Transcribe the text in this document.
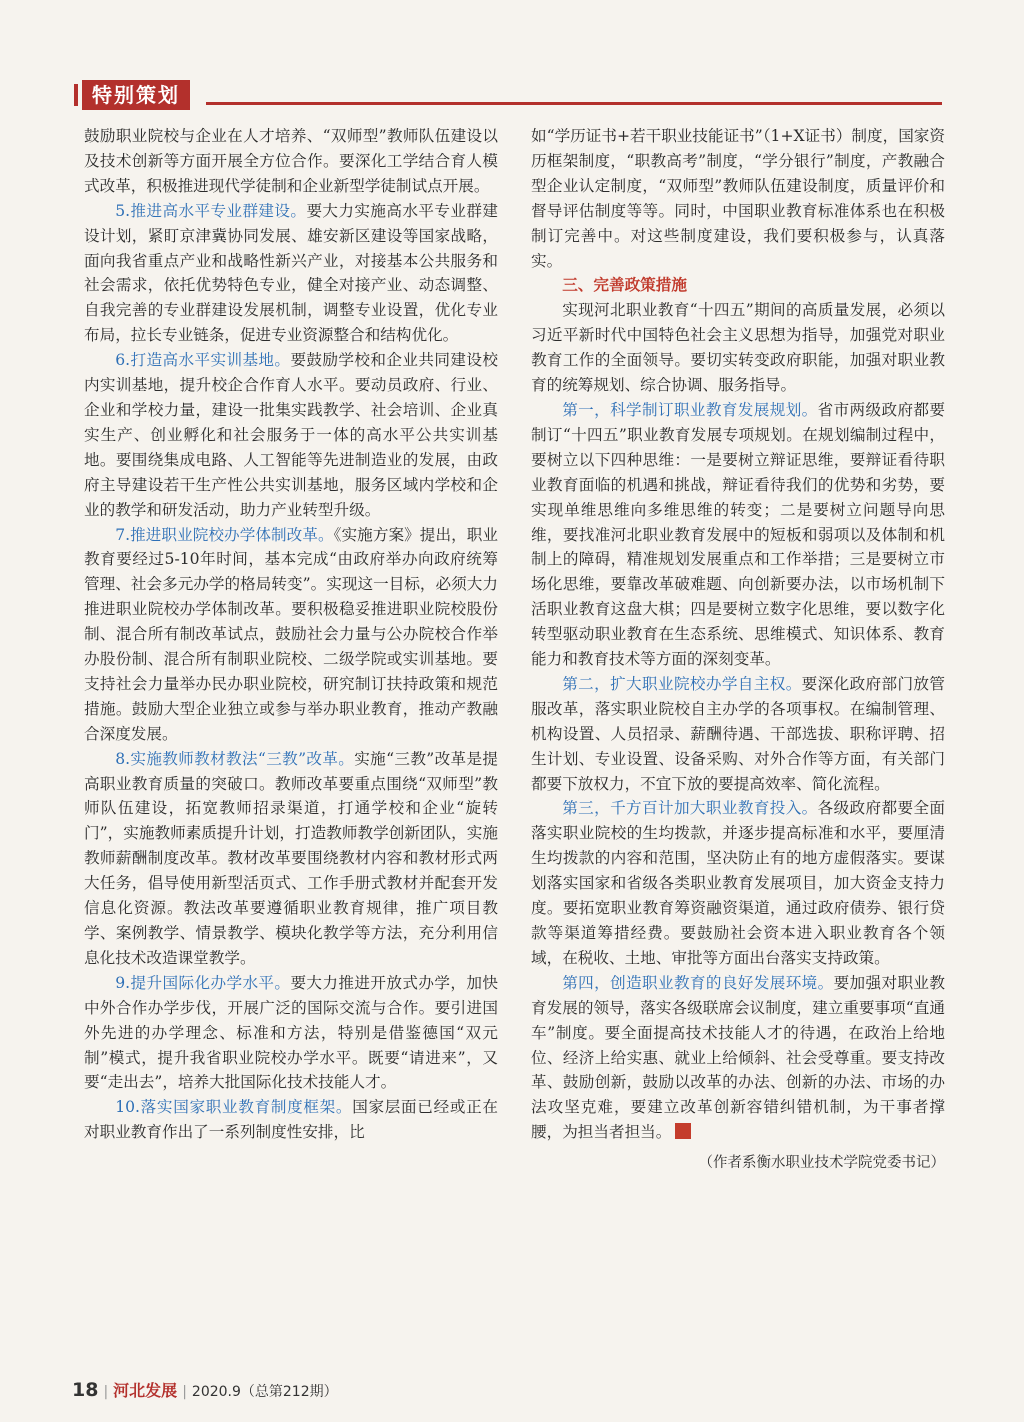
特别策划

鼓励职业院校与企业在人才培养、“双师型”教师队伍建设以及技术创新等方面开展全方位合作。要深化工学结合育人模式改革，积极推进现代学徒制和企业新型学徒制试点开展。

5.推进高水平专业群建设。要大力实施高水平专业群建设计划，紧盯京津冀协同发展、雄安新区建设等国家战略，面向我省重点产业和战略性新兴产业，对接基本公共服务和社会需求，依托优势特色专业，健全对接产业、动态调整、自我完善的专业群建设发展机制，调整专业设置，优化专业布局，拉长专业链条，促进专业资源整合和结构优化。

6.打造高水平实训基地。要鼓励学校和企业共同建设校内实训基地，提升校企合作育人水平。要动员政府、行业、企业和学校力量，建设一批集实践教学、社会培训、企业真实生产、创业孵化和社会服务于一体的高水平公共实训基地。要围绕集成电路、人工智能等先进制造业的发展，由政府主导建设若干生产性公共实训基地，服务区域内学校和企业的教学和研发活动，助力产业转型升级。

7.推进职业院校办学体制改革。《实施方案》提出，职业教育要经过5-10年时间，基本完成“由政府举办向政府统筹管理、社会多元办学的格局转变”。实现这一目标，必须大力推进职业院校办学体制改革。要积极稳妥推进职业院校股份制、混合所有制改革试点，鼓励社会力量与公办院校合作举办股份制、混合所有制职业院校、二级学院或实训基地。要支持社会力量举办民办职业院校，研究制订扶持政策和规范措施。鼓励大型企业独立或参与举办职业教育，推动产教融合深度发展。

8.实施教师教材教法“三教”改革。实施“三教”改革是提高职业教育质量的突破口。教师改革要重点围绕“双师型”教师队伍建设，拓宽教师招录渠道，打通学校和企业“旋转门”，实施教师素质提升计划，打造教师教学创新团队，实施教师薪酬制度改革。教材改革要围绕教材内容和教材形式两大任务，倡导使用新型活页式、工作手册式教材并配套开发信息化资源。教法改革要遵循职业教育规律，推广项目教学、案例教学、情景教学、模块化教学等方法，充分利用信息化技术改造课堂教学。

9.提升国际化办学水平。要大力推进开放式办学，加快中外合作办学步伐，开展广泛的国际交流与合作。要引进国外先进的办学理念、标准和方法，特别是借鉴德国“双元制”模式，提升我省职业院校办学水平。既要“请进来”，又要“走出去”，培养大批国际化技术技能人才。

10.落实国家职业教育制度框架。国家层面已经或正在对职业教育作出了一系列制度性安排，比

如“学历证书+若干职业技能证书”（1+X证书）制度，国家资历框架制度，“职教高考”制度，“学分银行”制度，产教融合型企业认定制度，“双师型”教师队伍建设制度，质量评价和督导评估制度等等。同时，中国职业教育标准体系也在积极制订完善中。对这些制度建设，我们要积极参与，认真落实。

三、完善政策措施

实现河北职业教育“十四五”期间的高质量发展，必须以习近平新时代中国特色社会主义思想为指导，加强党对职业教育工作的全面领导。要切实转变政府职能，加强对职业教育的统筹规划、综合协调、服务指导。

第一，科学制订职业教育发展规划。省市两级政府都要制订“十四五”职业教育发展专项规划。在规划编制过程中，要树立以下四种思维：一是要树立辩证思维，要辩证看待职业教育面临的机遇和挑战，辩证看待我们的优势和劣势，要实现单维思维向多维思维的转变；二是要树立问题导向思维，要找准河北职业教育发展中的短板和弱项以及体制和机制上的障碍，精准规划发展重点和工作举措；三是要树立市场化思维，要靠改革破难题、向创新要办法，以市场机制下活职业教育这盘大棋；四是要树立数字化思维，要以数字化转型驱动职业教育在生态系统、思维模式、知识体系、教育能力和教育技术等方面的深刻变革。

第二，扩大职业院校办学自主权。要深化政府部门放管服改革，落实职业院校自主办学的各项事权。在编制管理、机构设置、人员招录、薪酬待遇、干部选拔、职称评聘、招生计划、专业设置、设备采购、对外合作等方面，有关部门都要下放权力，不宜下放的要提高效率、简化流程。

第三，千方百计加大职业教育投入。各级政府都要全面落实职业院校的生均拨款，并逐步提高标准和水平，要厘清生均拨款的内容和范围，坚决防止有的地方虚假落实。要谋划落实国家和省级各类职业教育发展项目，加大资金支持力度。要拓宽职业教育筹资融资渠道，通过政府债券、银行贷款等渠道筹措经费。要鼓励社会资本进入职业教育各个领域，在税收、土地、审批等方面出台落实支持政策。

第四，创造职业教育的良好发展环境。要加强对职业教育发展的领导，落实各级联席会议制度，建立重要事项“直通车”制度。要全面提高技术技能人才的待遇，在政治上给地位、经济上给实惠、就业上给倾斜、社会受尊重。要支持改革、鼓励创新，鼓励以改革的办法、创新的办法、市场的办法攻坚克难，要建立改革创新容错纠错机制，为干事者撑腰，为担当者担当。

（作者系衡水职业技术学院党委书记）
18 | 河北发展 | 2020.9（总第212期）
